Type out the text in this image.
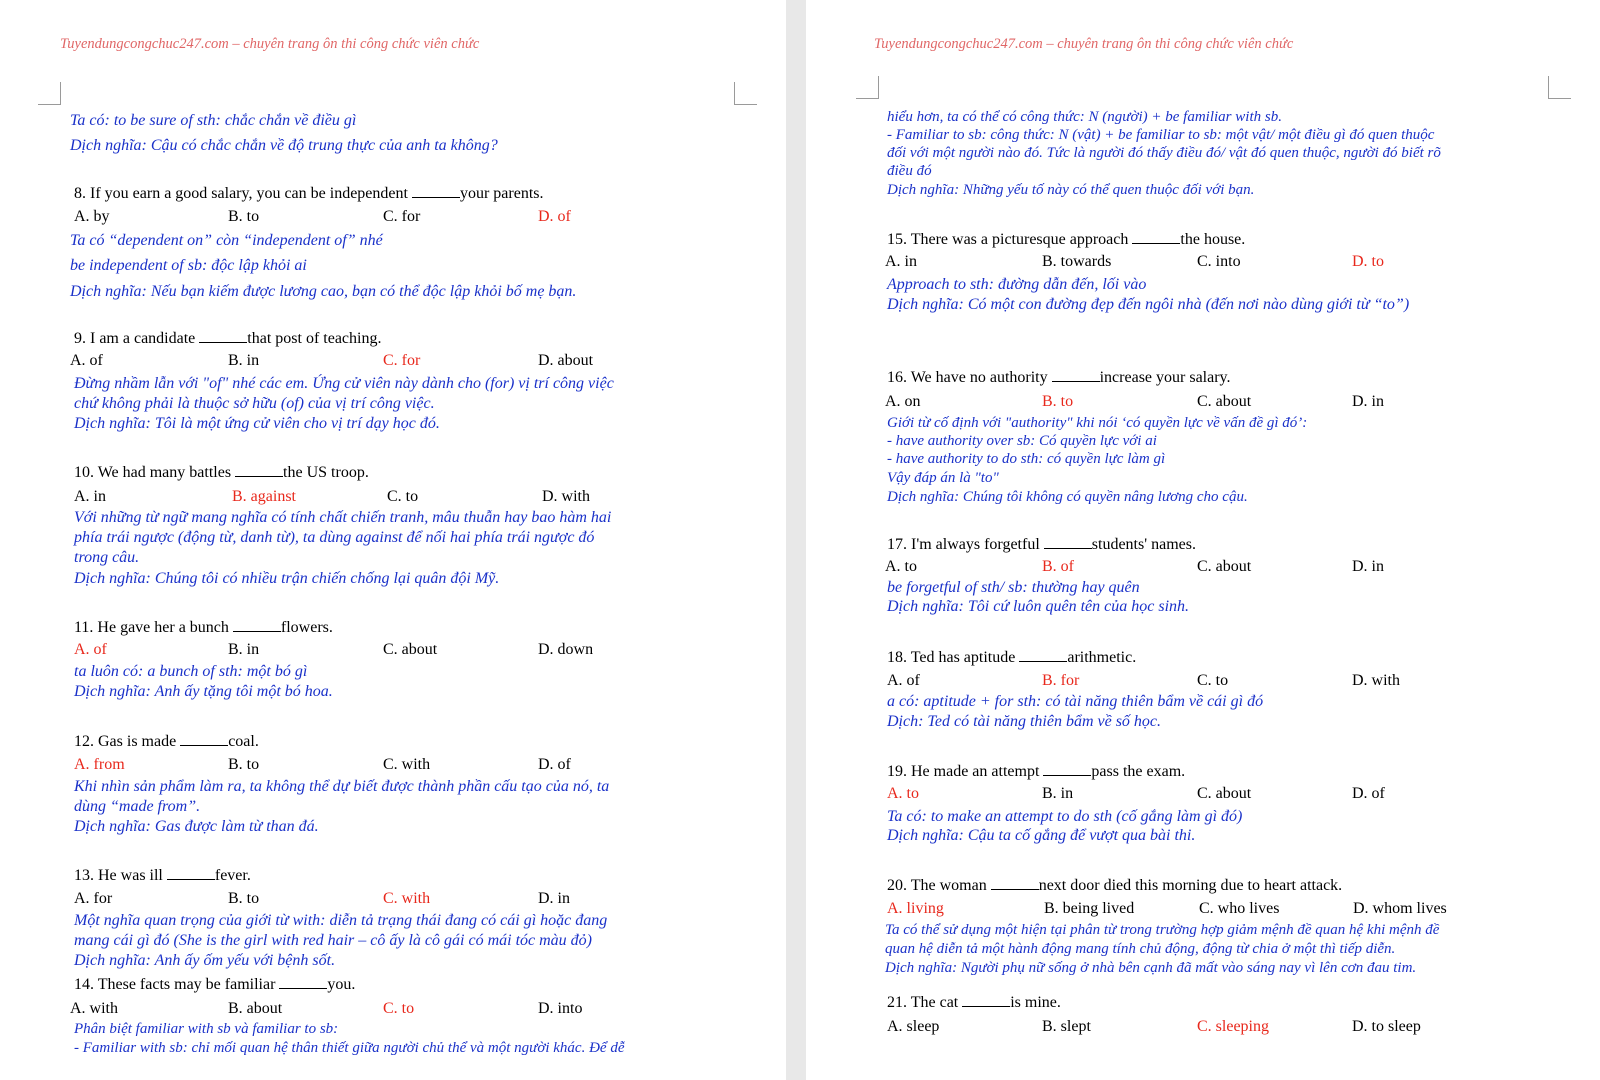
Tuyendungcongchuc247.com – chuyên trang ôn thi công chức viên chức
Ta có: to be sure of sth: chắc chắn về điều gì
Dịch nghĩa: Cậu có chắc chắn về độ trung thực của anh ta không?
8. If you earn a good salary, you can be independent	your parents.
A. by	B. to	C. for	D. of
Ta có “dependent on” còn “independent of” nhé
be independent of sb: độc lập khỏi ai
Dịch nghĩa: Nếu bạn kiếm được lương cao, bạn có thể độc lập khỏi bố mẹ bạn.
9. I am a candidate	that post of teaching.
A. of	B. in	C. for	D. about
Đừng nhầm lẫn với "of" nhé các em. Ứng cử viên này dành cho (for) vị trí công việc
chứ không phải là thuộc sở hữu (of) của vị trí công việc.
Dịch nghĩa: Tôi là một ứng cử viên cho vị trí dạy học đó.
10. We had many battles	the US troop.
A. in	B. against	C. to	D. with
Với những từ ngữ mang nghĩa có tính chất chiến tranh, mâu thuẫn hay bao hàm hai
phía trái ngược (động từ, danh từ), ta dùng against để nối hai phía trái ngược đó
trong câu.
Dịch nghĩa: Chúng tôi có nhiều trận chiến chống lại quân đội Mỹ.
11. He gave her a bunch	flowers.
A. of	B. in	C. about	D. down
ta luôn có: a bunch of sth: một bó gì
Dịch nghĩa: Anh ấy tặng tôi một bó hoa.
12. Gas is made	coal.
A. from	B. to	C. with	D. of
Khi nhìn sản phẩm làm ra, ta không thể dự biết được thành phần cấu tạo của nó, ta
dùng “made from”.
Dịch nghĩa: Gas được làm từ than đá.
13. He was ill	fever.
A. for	B. to	C. with	D. in
Một nghĩa quan trọng của giới từ with: diễn tả trạng thái đang có cái gì hoặc đang
mang cái gì đó (She is the girl with red hair – cô ấy là cô gái có mái tóc màu đỏ)
Dịch nghĩa: Anh ấy ốm yếu với bệnh sốt.
14. These facts may be familiar	you.
A. with	B. about	C. to	D. into
Phân biệt familiar with sb và familiar to sb:
- Familiar with sb: chỉ mối quan hệ thân thiết giữa người chủ thể và một người khác. Để dễ
Tuyendungcongchuc247.com – chuyên trang ôn thi công chức viên chức
hiểu hơn, ta có thể có công thức: N (người) + be familiar with sb.
- Familiar to sb: công thức: N (vật) + be familiar to sb: một vật/ một điều gì đó quen thuộc
đối với một người nào đó. Tức là người đó thấy điều đó/ vật đó quen thuộc, người đó biết rõ
điều đó
Dịch nghĩa: Những yếu tố này có thể quen thuộc đối với bạn.
15. There was a picturesque approach	the house.
A. in	B. towards	C. into	D. to
Approach to sth: đường dẫn đến, lối vào
Dịch nghĩa: Có một con đường đẹp đến ngôi nhà (đến nơi nào dùng giới từ “to”)
16. We have no authority	increase your salary.
A. on	B. to	C. about	D. in
Giới từ cố định với "authority" khi nói ‘có quyền lực về vấn đề gì đó’:
- have authority over sb: Có quyền lực với ai
- have authority to do sth: có quyền lực làm gì
Vậy đáp án là "to"
Dịch nghĩa: Chúng tôi không có quyền nâng lương cho cậu.
17. I'm always forgetful	students' names.
A. to	B. of	C. about	D. in
be forgetful of sth/ sb: thường hay quên
Dịch nghĩa: Tôi cứ luôn quên tên của học sinh.
18. Ted has aptitude	arithmetic.
A. of	B. for	C. to	D. with
a có: aptitude + for sth: có tài năng thiên bẩm về cái gì đó
Dịch: Ted có tài năng thiên bẩm về số học.
19. He made an attempt	pass the exam.
A. to	B. in	C. about	D. of
Ta có: to make an attempt to do sth (cố gắng làm gì đó)
Dịch nghĩa: Cậu ta cố gắng để vượt qua bài thi.
20. The woman	next door died this morning due to heart attack.
A. living	B. being lived	C. who lives	D. whom lives
Ta có thể sử dụng một hiện tại phân từ trong trường hợp giảm mệnh đề quan hệ khi mệnh đề
quan hệ diễn tả một hành động mang tính chủ động, động từ chia ở một thì tiếp diễn.
Dịch nghĩa: Người phụ nữ sống ở nhà bên cạnh đã mất vào sáng nay vì lên cơn đau tim.
21. The cat	is mine.
A. sleep	B. slept	C. sleeping	D. to sleep
